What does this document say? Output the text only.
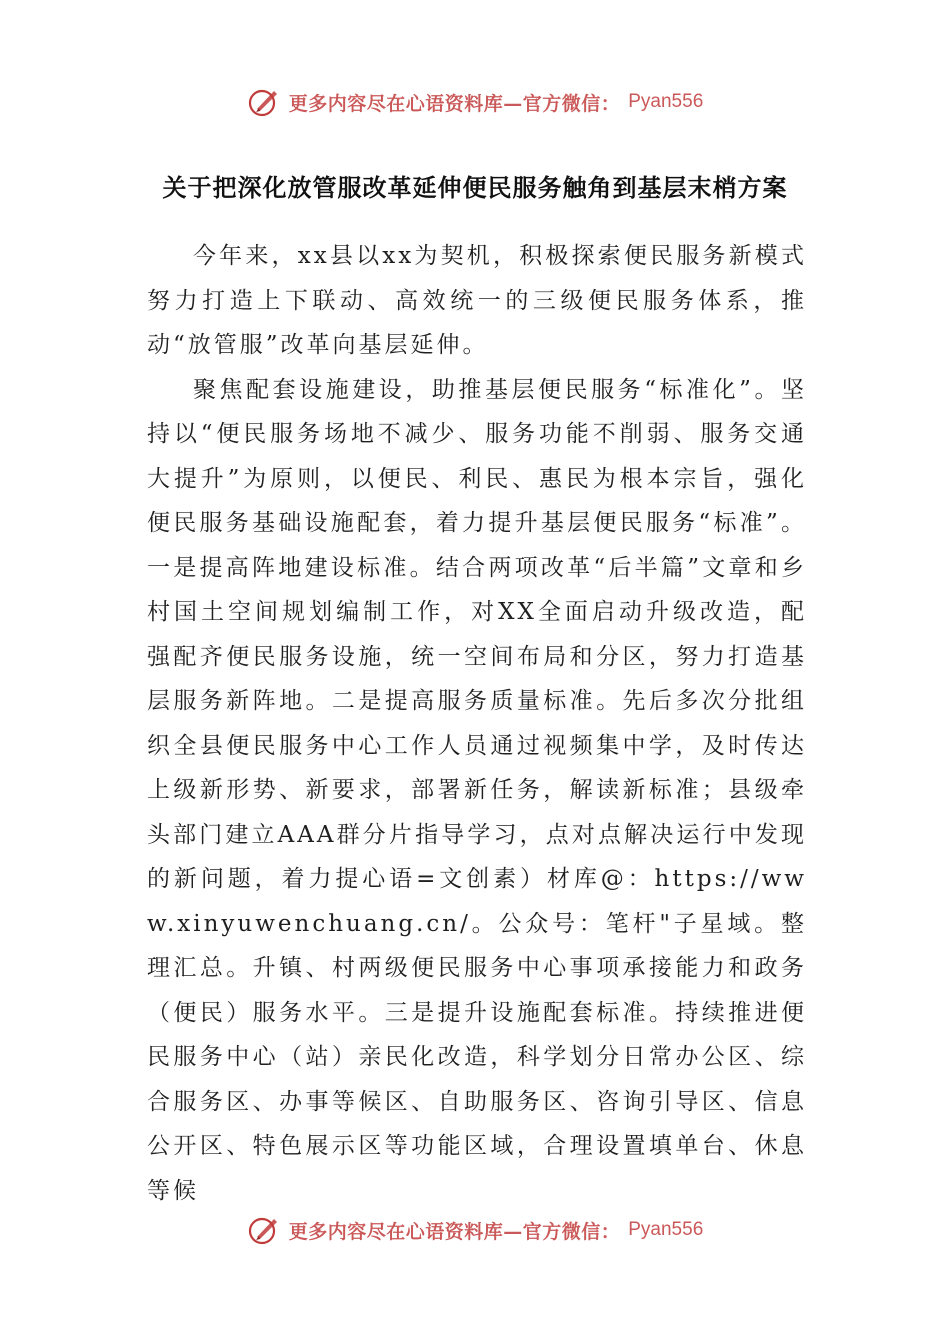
更多内容尽在心语资料库—官方微信： Pyan556
关于把深化放管服改革延伸便民服务触角到基层末梢方案

今年来，xx县以xx为契机，积极探索便民服务新模式努力打造上下联动、高效统一的三级便民服务体系，推动“放管服”改革向基层延伸。

聚焦配套设施建设，助推基层便民服务“标准化”。坚持以“便民服务场地不减少、服务功能不削弱、服务交通大提升”为原则，以便民、利民、惠民为根本宗旨，强化便民服务基础设施配套，着力提升基层便民服务“标准”。一是提高阵地建设标准。结合两项改革“后半篇”文章和乡村国土空间规划编制工作，对XX全面启动升级改造，配强配齐便民服务设施，统一空间布局和分区，努力打造基层服务新阵地。二是提高服务质量标准。先后多次分批组织全县便民服务中心工作人员通过视频集中学，及时传达上级新形势、新要求，部署新任务，解读新标准；县级牵头部门建立AAA群分片指导学习，点对点解决运行中发现的新问题，着力提心语=文创素）材库@：https://www.xinyuwenchuang.cn/。公众号：笔杆"子星域。整理汇总。升镇、村两级便民服务中心事项承接能力和政务（便民）服务水平。三是提升设施配套标准。持续推进便民服务中心（站）亲民化改造，科学划分日常办公区、综合服务区、办事等候区、自助服务区、咨询引导区、信息公开区、特色展示区等功能区域，合理设置填单台、休息等候

更多内容尽在心语资料库—官方微信： Pyan556
